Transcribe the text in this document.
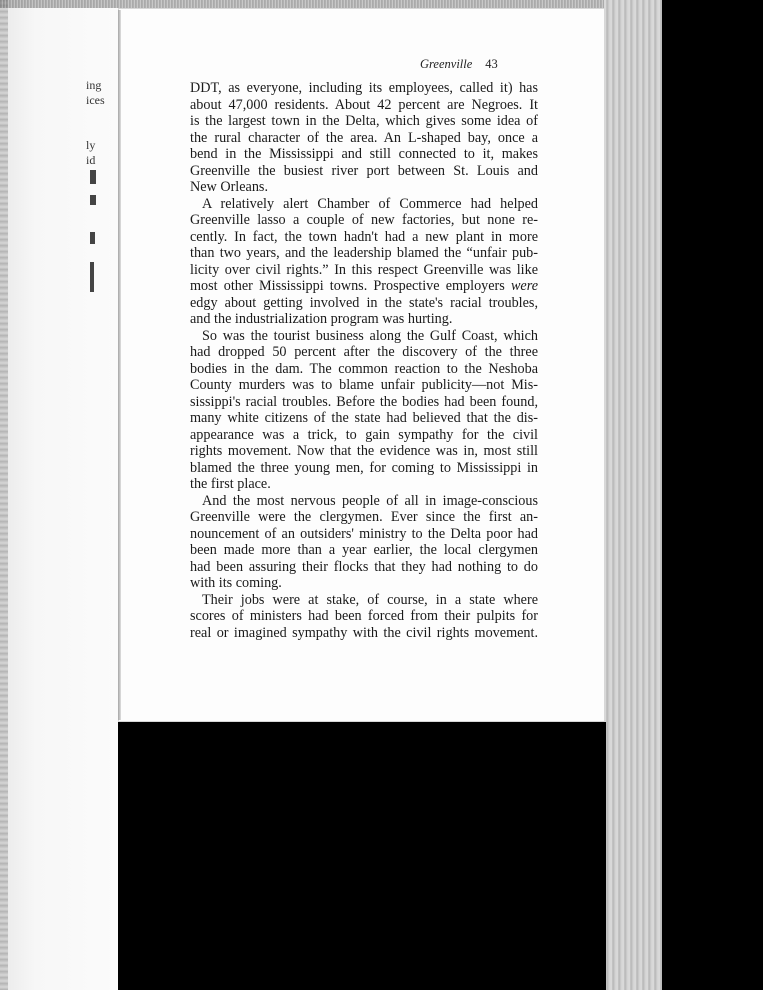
ing
ices
ly
id
Greenville 43
DDT, as everyone, including its employees, called it) has
about 47,000 residents. About 42 percent are Negroes. It
is the largest town in the Delta, which gives some idea of
the rural character of the area. An L-shaped bay, once a
bend in the Mississippi and still connected to it, makes
Greenville the busiest river port between St. Louis and
New Orleans.
A relatively alert Chamber of Commerce had helped
Greenville lasso a couple of new factories, but none re-
cently. In fact, the town hadn't had a new plant in more
than two years, and the leadership blamed the “unfair pub-
licity over civil rights.” In this respect Greenville was like
most other Mississippi towns. Prospective employers were
edgy about getting involved in the state's racial troubles,
and the industrialization program was hurting.
So was the tourist business along the Gulf Coast, which
had dropped 50 percent after the discovery of the three
bodies in the dam. The common reaction to the Neshoba
County murders was to blame unfair publicity—not Mis-
sissippi's racial troubles. Before the bodies had been found,
many white citizens of the state had believed that the dis-
appearance was a trick, to gain sympathy for the civil
rights movement. Now that the evidence was in, most still
blamed the three young men, for coming to Mississippi in
the first place.
And the most nervous people of all in image-conscious
Greenville were the clergymen. Ever since the first an-
nouncement of an outsiders' ministry to the Delta poor had
been made more than a year earlier, the local clergymen
had been assuring their flocks that they had nothing to do
with its coming.
Their jobs were at stake, of course, in a state where
scores of ministers had been forced from their pulpits for
real or imagined sympathy with the civil rights movement.
